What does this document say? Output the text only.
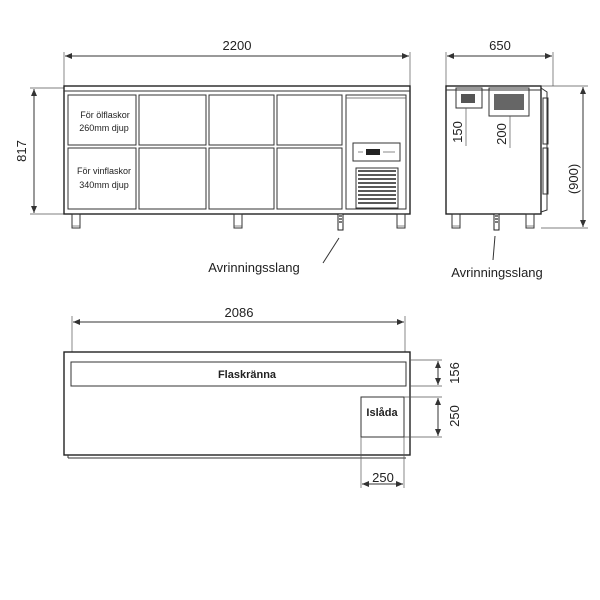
2200
817
För ölflaskor
260mm djup
För vinflaskor
340mm djup
Avrinningsslang
650
150 200
(900)
Avrinningsslang
2086
Flaskränna
Islåda
156
250
250
